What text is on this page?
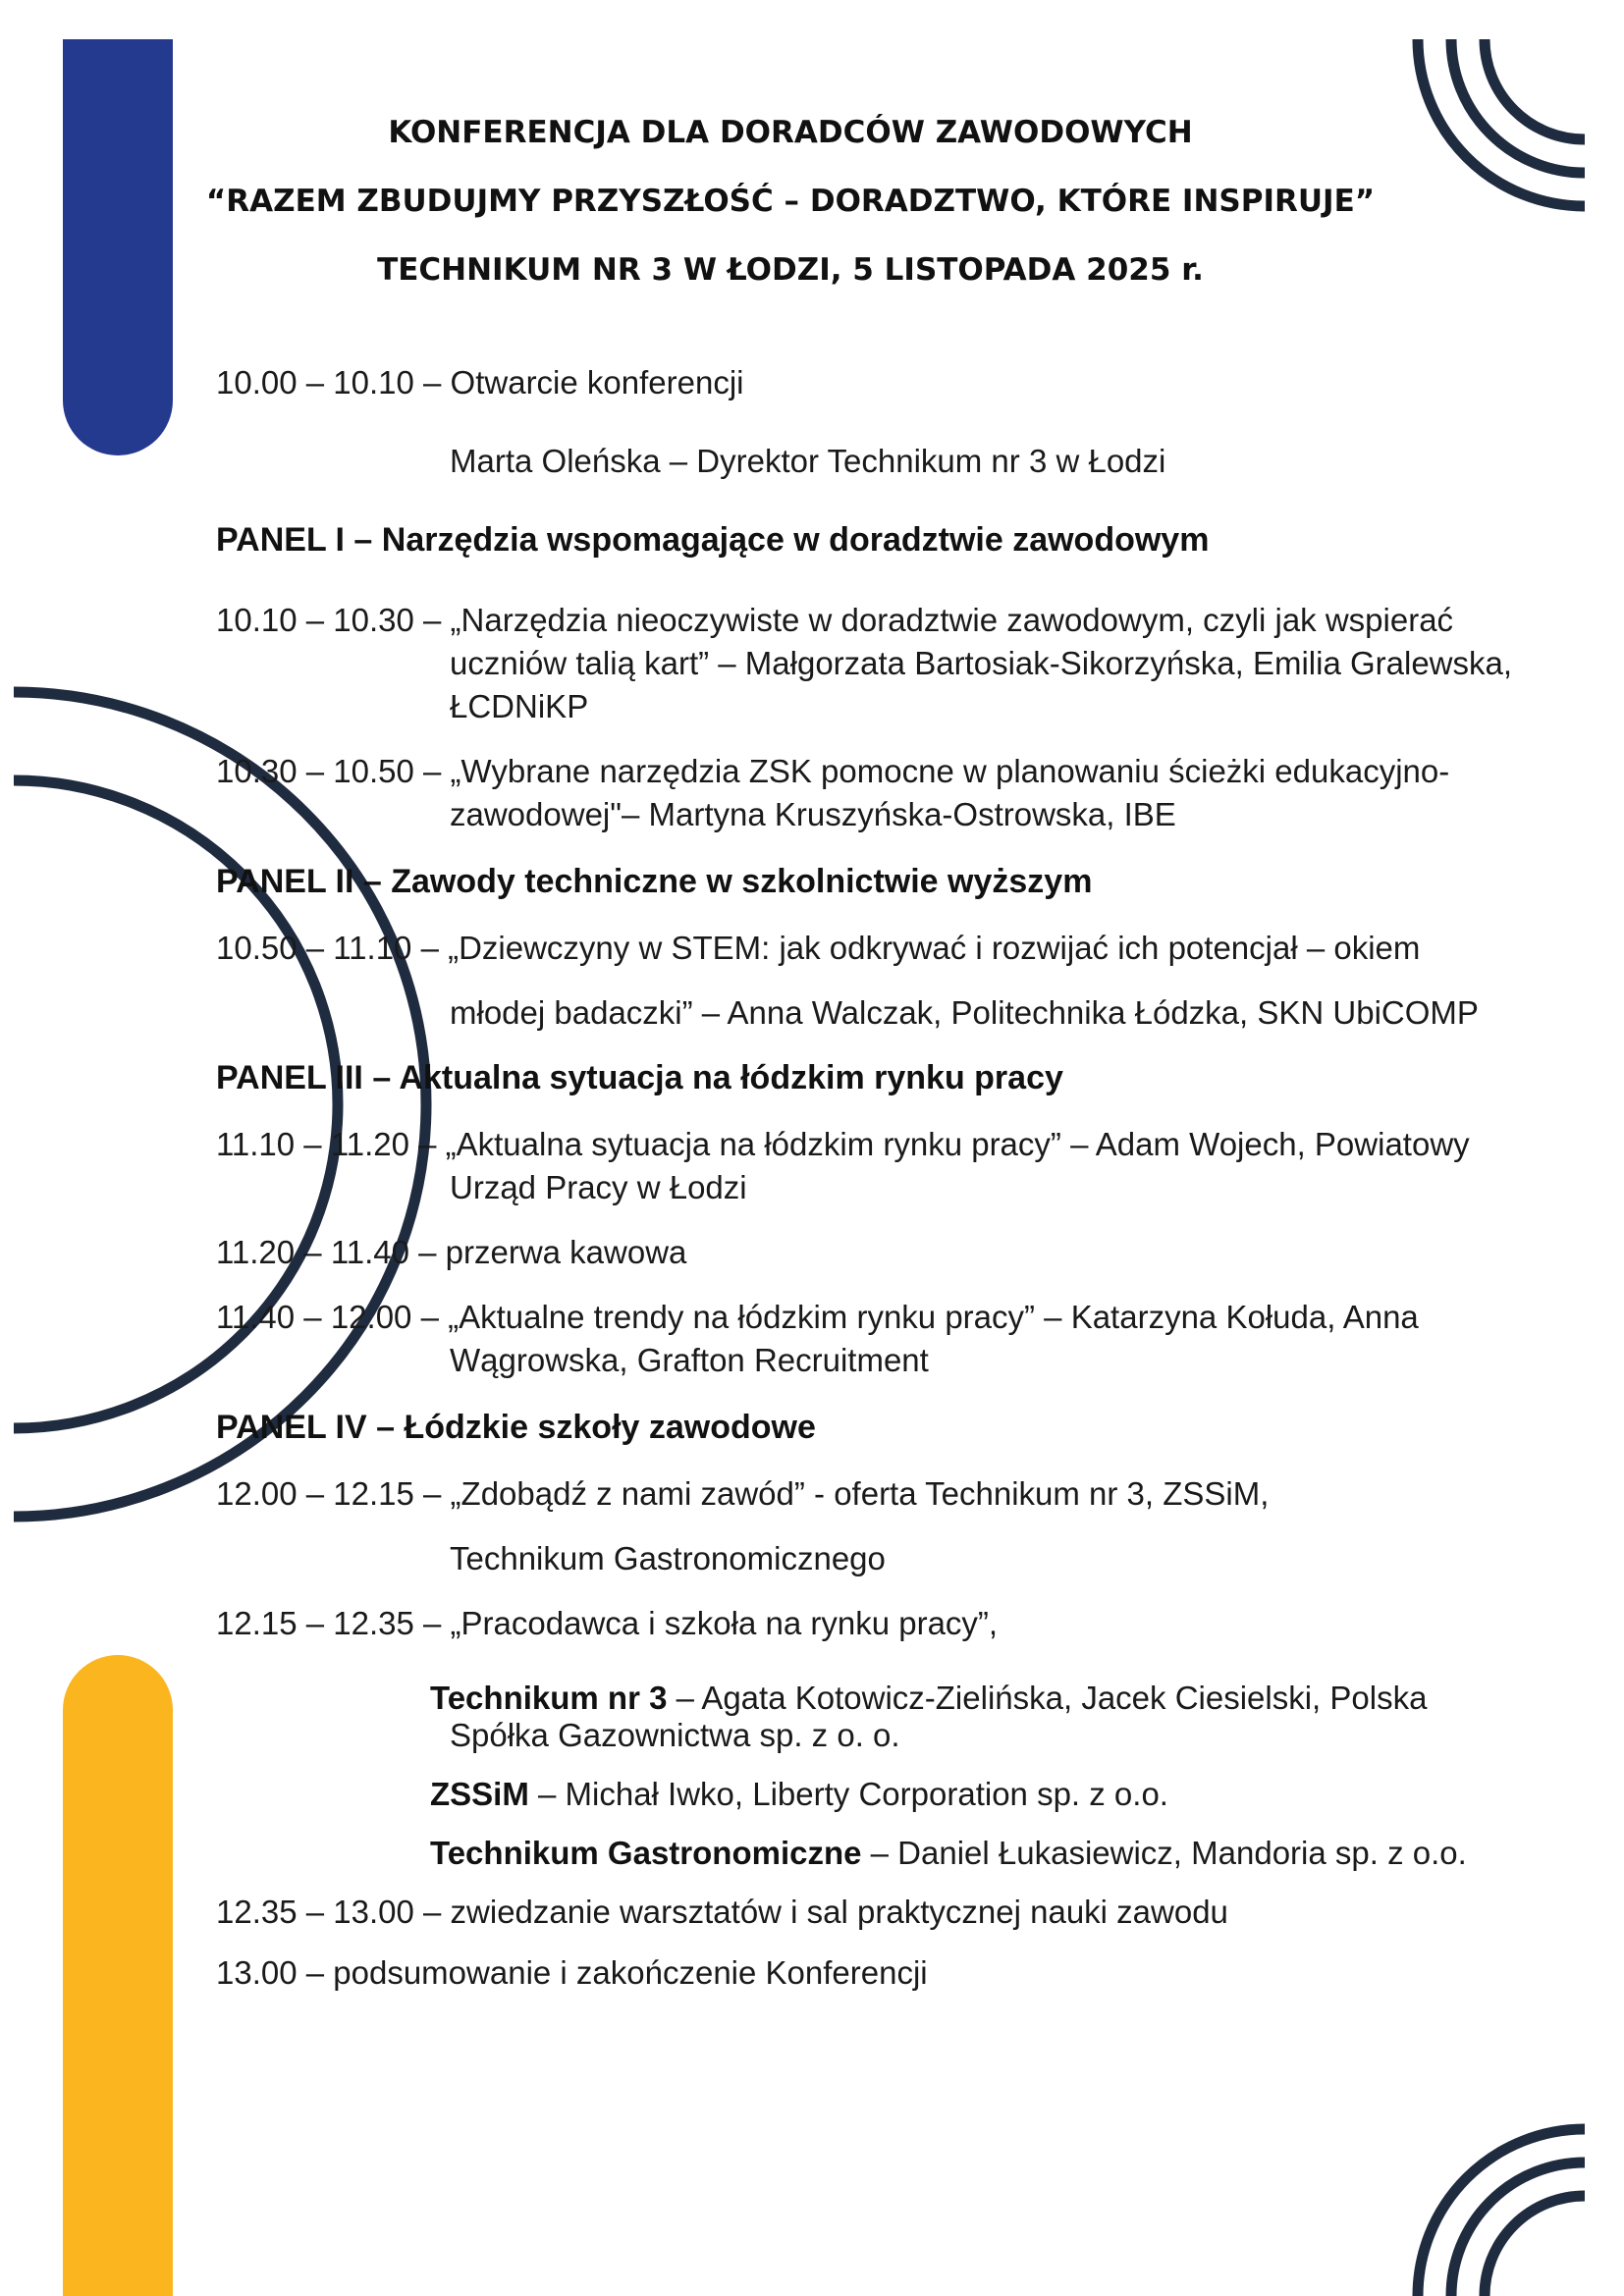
KONFERENCJA DLA DORADCÓW ZAWODOWYCH
“RAZEM ZBUDUJMY PRZYSZŁOŚĆ – DORADZTWO, KTÓRE INSPIRUJE”
TECHNIKUM NR 3 W ŁODZI, 5 LISTOPADA 2025 r.
10.00 – 10.10 – Otwarcie konferencji
Marta Oleńska – Dyrektor Technikum nr 3 w Łodzi
PANEL I – Narzędzia wspomagające w doradztwie zawodowym
10.10 – 10.30 – „Narzędzia nieoczywiste w doradztwie zawodowym, czyli jak wspierać
uczniów talią kart” – Małgorzata Bartosiak-Sikorzyńska, Emilia Gralewska,
ŁCDNiKP
10.30 – 10.50 – „Wybrane narzędzia ZSK pomocne w planowaniu ścieżki edukacyjno-
zawodowej"– Martyna Kruszyńska-Ostrowska, IBE
PANEL II – Zawody techniczne w szkolnictwie wyższym
10.50 – 11.10 – „Dziewczyny w STEM: jak odkrywać i rozwijać ich potencjał – okiem
młodej badaczki” – Anna Walczak, Politechnika Łódzka, SKN UbiCOMP
PANEL III – Aktualna sytuacja na łódzkim rynku pracy
11.10 – 11.20 – „Aktualna sytuacja na łódzkim rynku pracy” – Adam Wojech, Powiatowy
Urząd Pracy w Łodzi
11.20 – 11.40 – przerwa kawowa
11.40 – 12.00 – „Aktualne trendy na łódzkim rynku pracy” – Katarzyna Kołuda, Anna
Wągrowska, Grafton Recruitment
PANEL IV – Łódzkie szkoły zawodowe
12.00 – 12.15 – „Zdobądź z nami zawód” - oferta Technikum nr 3, ZSSiM,
Technikum Gastronomicznego
12.15 – 12.35 – „Pracodawca i szkoła na rynku pracy”,
Technikum nr 3 – Agata Kotowicz-Zielińska, Jacek Ciesielski, Polska
Spółka Gazownictwa sp. z o. o.
ZSSiM – Michał Iwko, Liberty Corporation sp. z o.o.
Technikum Gastronomiczne – Daniel Łukasiewicz, Mandoria sp. z o.o.
12.35 – 13.00 – zwiedzanie warsztatów i sal praktycznej nauki zawodu
13.00 – podsumowanie i zakończenie Konferencji
